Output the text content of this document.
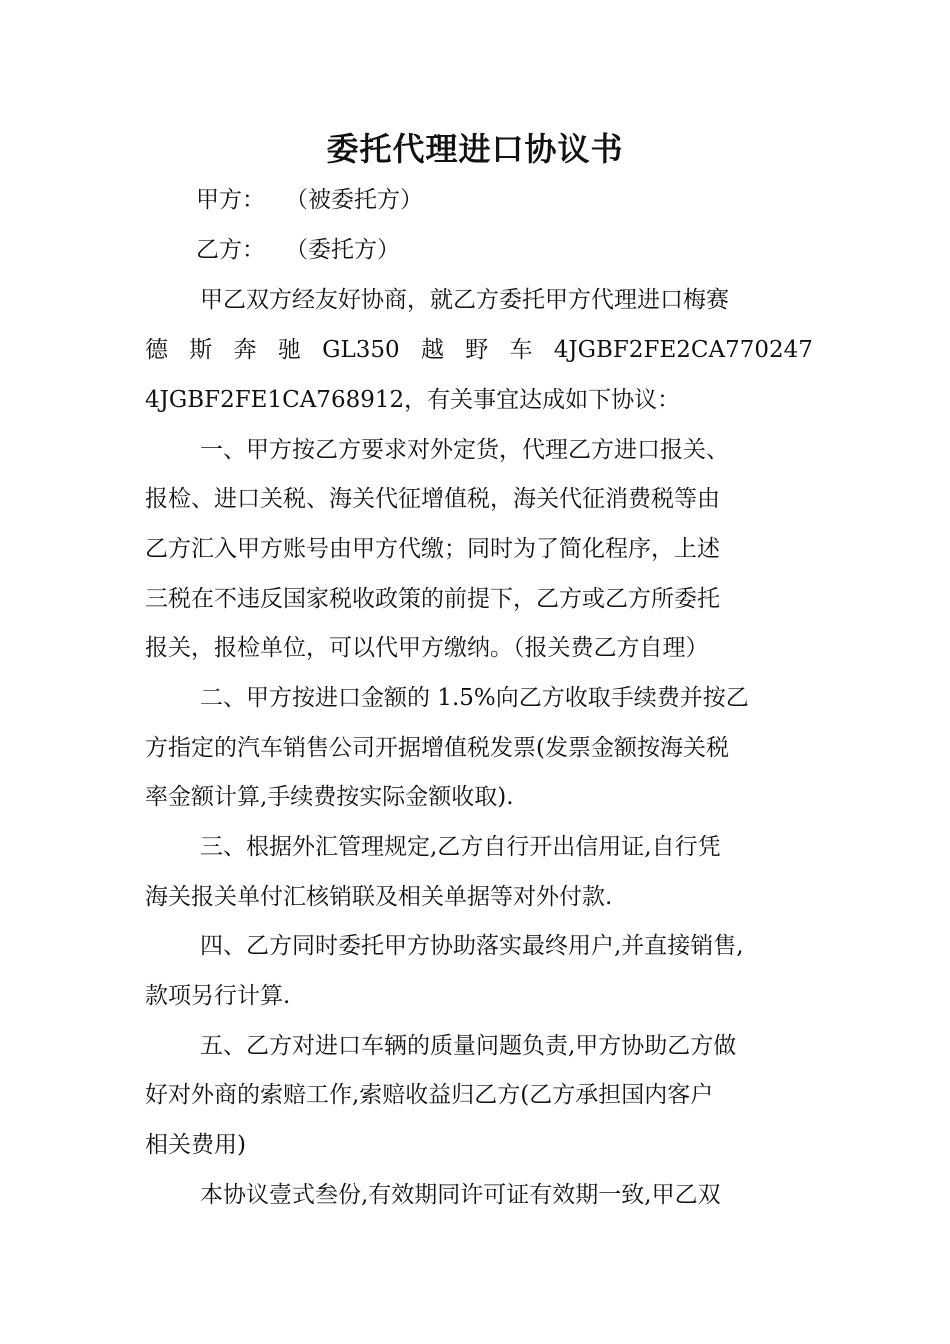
委托代理进口协议书
甲方： （被委托方）
乙方： （委托方）
甲乙双方经友好协商，就乙方委托甲方代理进口梅赛
德 斯 奔 驰 GL350 越 野 车 4JGBF2FE2CA770247
4JGBF2FE1CA768912，有关事宜达成如下协议：
一、甲方按乙方要求对外定货，代理乙方进口报关、
报检、进口关税、海关代征增值税，海关代征消费税等由
乙方汇入甲方账号由甲方代缴；同时为了简化程序，上述
三税在不违反国家税收政策的前提下，乙方或乙方所委托
报关，报检单位，可以代甲方缴纳。（报关费乙方自理）
二、甲方按进口金额的 1.5%向乙方收取手续费并按乙
方指定的汽车销售公司开据增值税发票(发票金额按海关税
率金额计算,手续费按实际金额收取).
三、根据外汇管理规定,乙方自行开出信用证,自行凭
海关报关单付汇核销联及相关单据等对外付款.
四、乙方同时委托甲方协助落实最终用户,并直接销售,
款项另行计算.
五、乙方对进口车辆的质量问题负责,甲方协助乙方做
好对外商的索赔工作,索赔收益归乙方(乙方承担国内客户
相关费用)
本协议壹式叁份,有效期同许可证有效期一致,甲乙双
